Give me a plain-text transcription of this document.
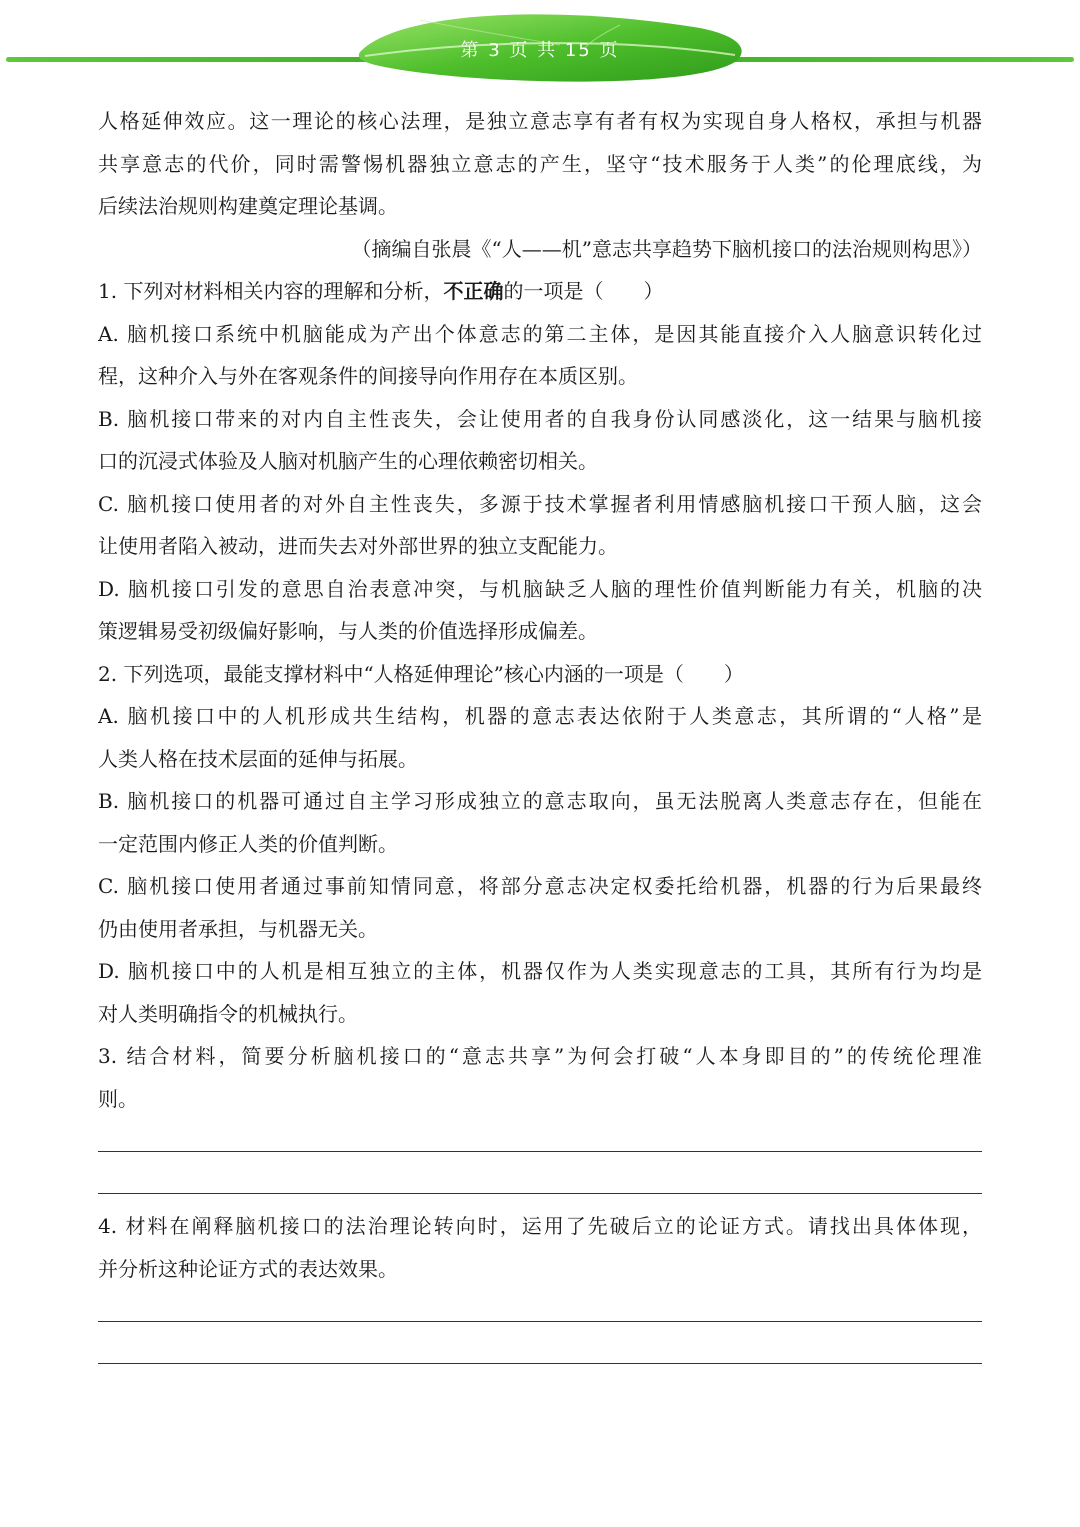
第 3 页 共 15 页
人格延伸效应。这一理论的核心法理，是独立意志享有者有权为实现自身人格权，承担与机器
共享意志的代价，同时需警惕机器独立意志的产生，坚守“技术服务于人类”的伦理底线，为
后续法治规则构建奠定理论基调。
（摘编自张晨《“人——机”意志共享趋势下脑机接口的法治规则构思》）
1. 下列对材料相关内容的理解和分析，不正确的一项是（　　）
A. 脑机接口系统中机脑能成为产出个体意志的第二主体，是因其能直接介入人脑意识转化过
程，这种介入与外在客观条件的间接导向作用存在本质区别。
B. 脑机接口带来的对内自主性丧失，会让使用者的自我身份认同感淡化，这一结果与脑机接
口的沉浸式体验及人脑对机脑产生的心理依赖密切相关。
C. 脑机接口使用者的对外自主性丧失，多源于技术掌握者利用情感脑机接口干预人脑，这会
让使用者陷入被动，进而失去对外部世界的独立支配能力。
D. 脑机接口引发的意思自治表意冲突，与机脑缺乏人脑的理性价值判断能力有关，机脑的决
策逻辑易受初级偏好影响，与人类的价值选择形成偏差。
2. 下列选项，最能支撑材料中“人格延伸理论”核心内涵的一项是（　　）
A. 脑机接口中的人机形成共生结构，机器的意志表达依附于人类意志，其所谓的“人格”是
人类人格在技术层面的延伸与拓展。
B. 脑机接口的机器可通过自主学习形成独立的意志取向，虽无法脱离人类意志存在，但能在
一定范围内修正人类的价值判断。
C. 脑机接口使用者通过事前知情同意，将部分意志决定权委托给机器，机器的行为后果最终
仍由使用者承担，与机器无关。
D. 脑机接口中的人机是相互独立的主体，机器仅作为人类实现意志的工具，其所有行为均是
对人类明确指令的机械执行。
3. 结合材料，简要分析脑机接口的“意志共享”为何会打破“人本身即目的”的传统伦理准
则。
4. 材料在阐释脑机接口的法治理论转向时，运用了先破后立的论证方式。请找出具体体现，
并分析这种论证方式的表达效果。
